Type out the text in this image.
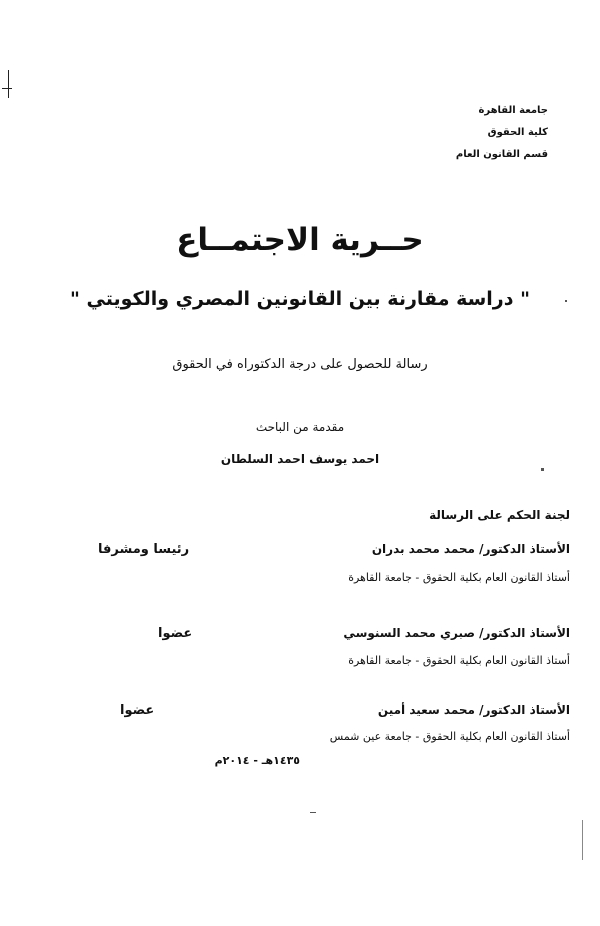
جامعة القاهرة
كلية الحقوق
قسم القانون العام
حــرية الاجتمــاع
" دراسة مقارنة بين القانونين المصري والكويتي "
رسالة للحصول على درجة الدكتوراه في الحقوق
مقدمة من الباحث
احمد يوسف احمد السلطان
لجنة الحكم على الرسالة
الأستاذ الدكتور/ محمد محمد بدران
رئيسا ومشرفا
أستاذ القانون العام بكلية الحقوق - جامعة القاهرة
الأستاذ الدكتور/ صبري محمد السنوسي
عضوا
أستاذ القانون العام بكلية الحقوق - جامعة القاهرة
الأستاذ الدكتور/ محمد سعيد أمين
عضوا
أستاذ القانون العام بكلية الحقوق - جامعة عين شمس
١٤٣٥هـ - ٢٠١٤م
